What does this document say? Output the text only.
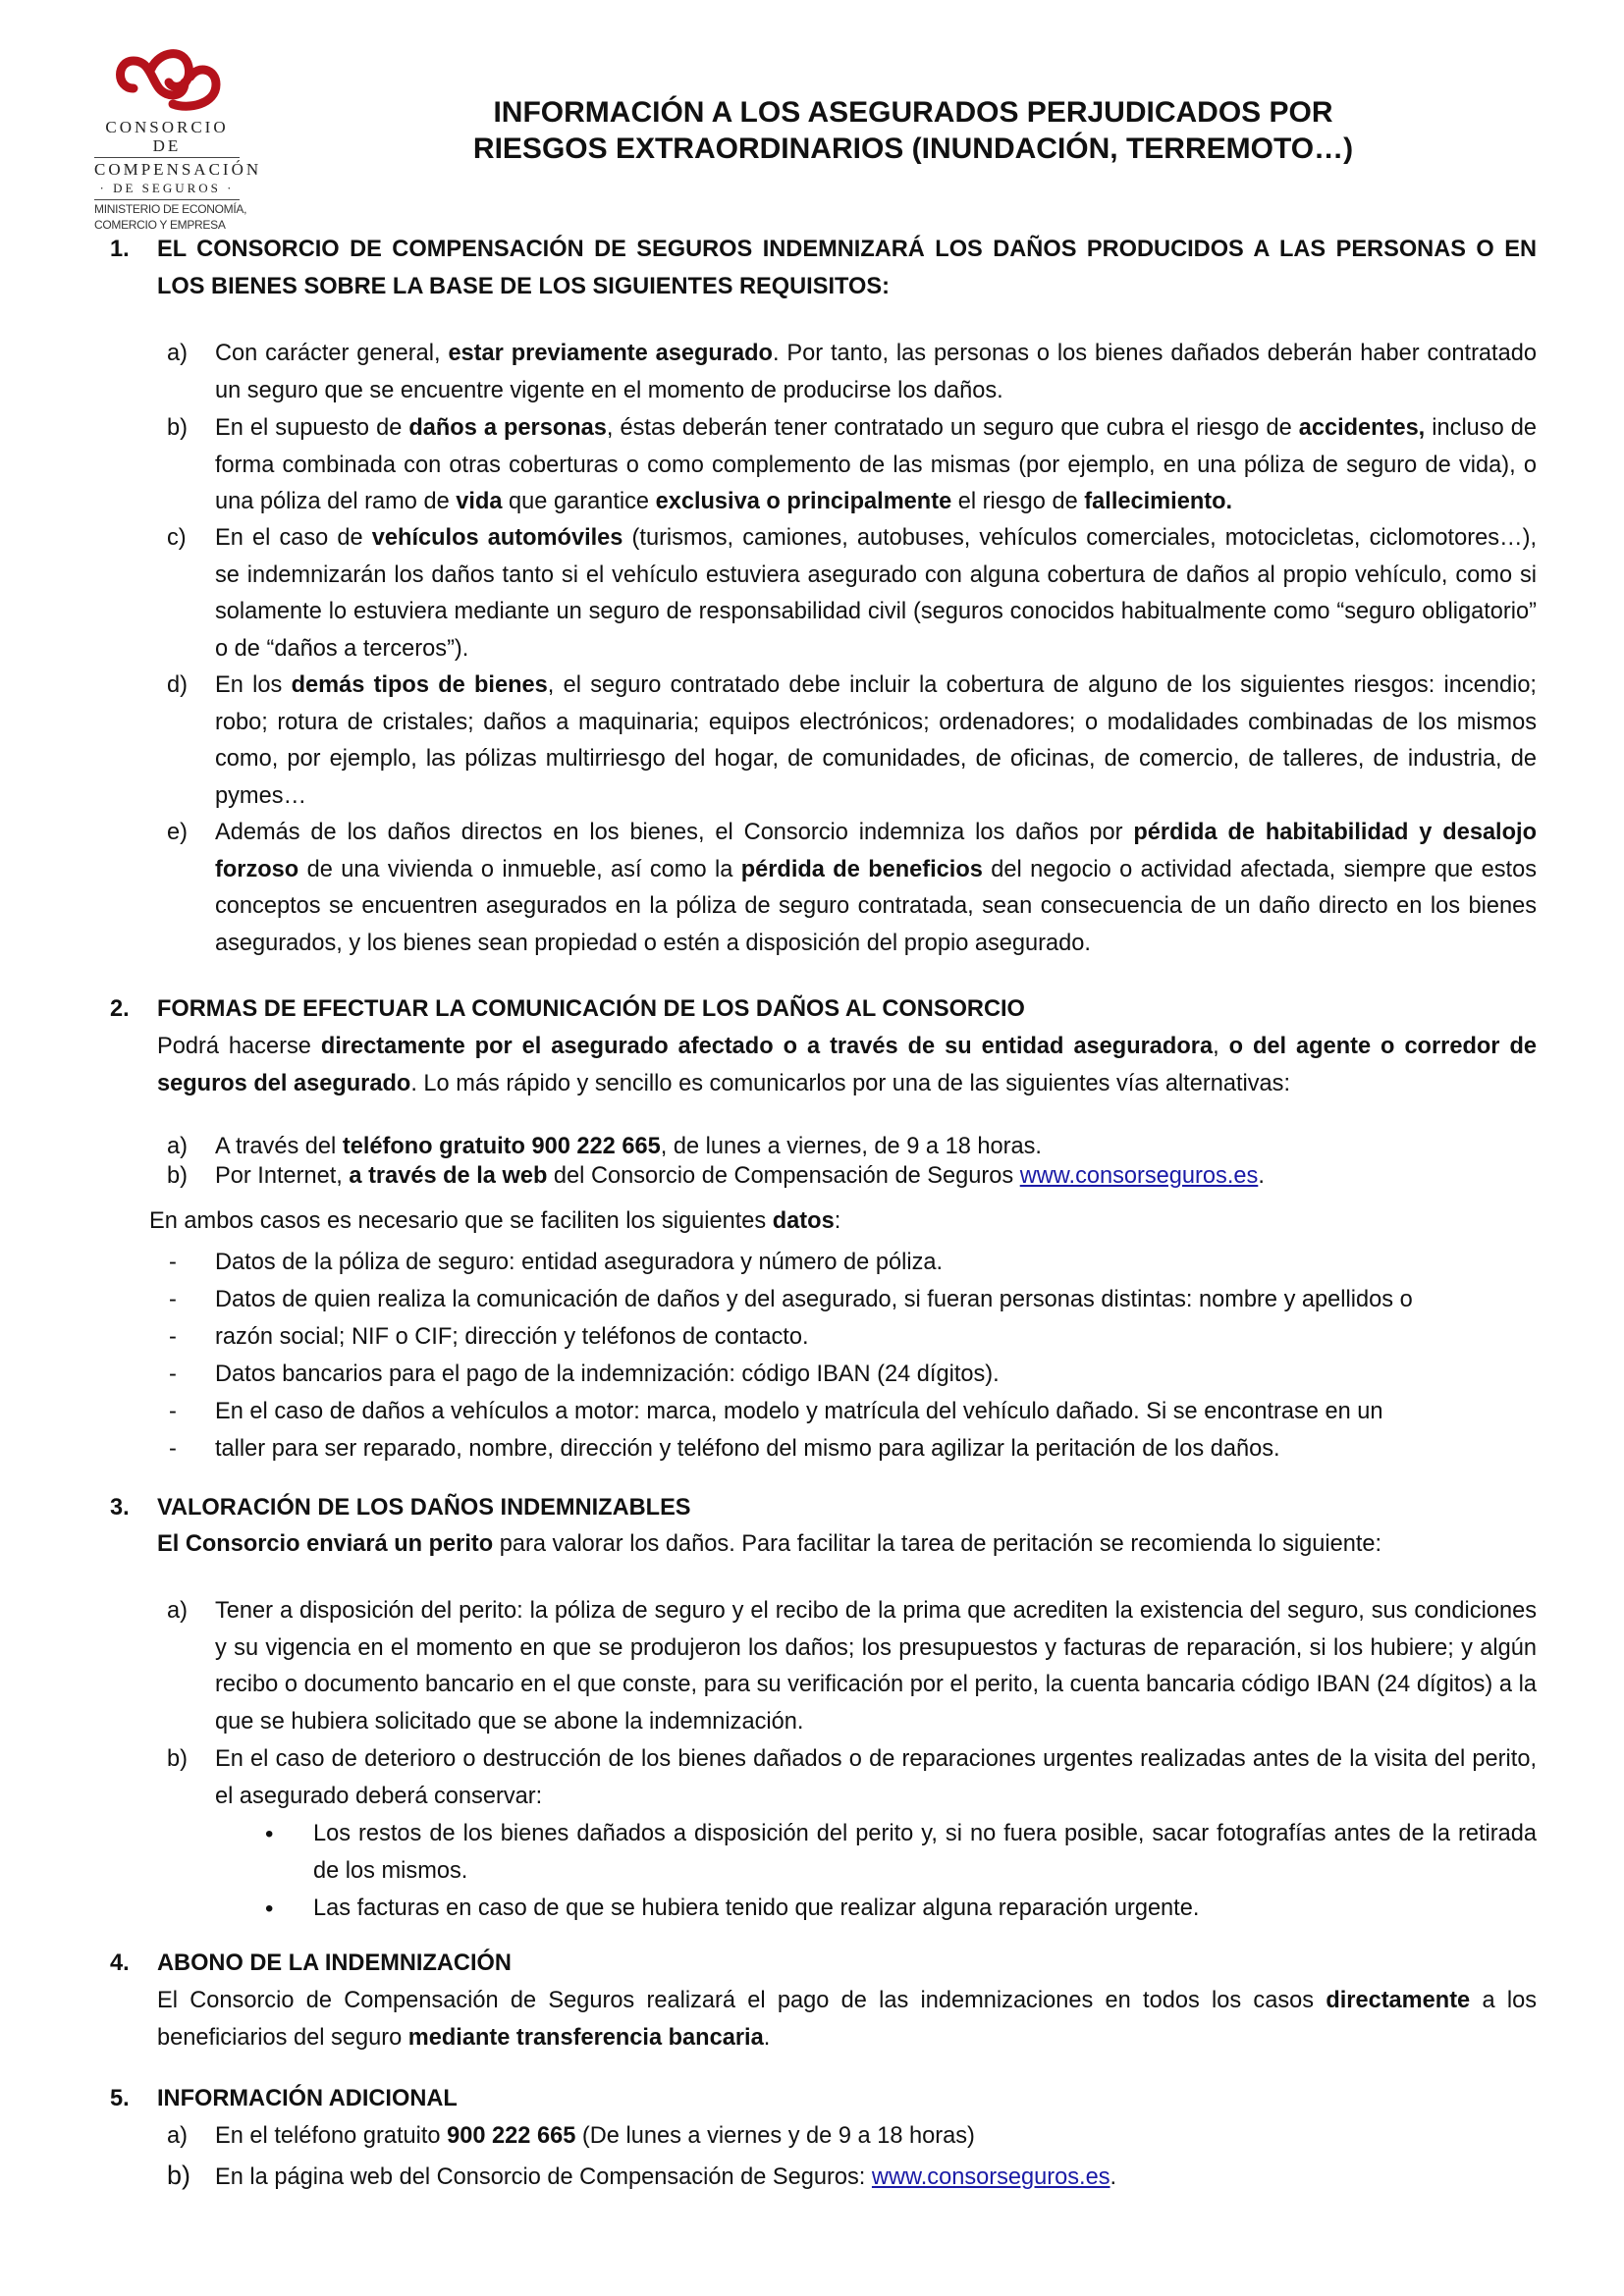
CONSORCIO DE
COMPENSACIÓN
· DE SEGUROS ·
MINISTERIO DE ECONOMÍA,
COMERCIO Y EMPRESA
INFORMACIÓN A LOS ASEGURADOS PERJUDICADOS POR
RIESGOS EXTRAORDINARIOS (INUNDACIÓN, TERREMOTO…)
1. EL CONSORCIO DE COMPENSACIÓN DE SEGUROS INDEMNIZARÁ LOS DAÑOS PRODUCIDOS A LAS PERSONAS O EN LOS BIENES SOBRE LA BASE DE LOS SIGUIENTES REQUISITOS:
a) Con carácter general, estar previamente asegurado. Por tanto, las personas o los bienes dañados deberán haber contratado un seguro que se encuentre vigente en el momento de producirse los daños.
b) En el supuesto de daños a personas, éstas deberán tener contratado un seguro que cubra el riesgo de accidentes, incluso de forma combinada con otras coberturas o como complemento de las mismas (por ejemplo, en una póliza de seguro de vida), o una póliza del ramo de vida que garantice exclusiva o principalmente el riesgo de fallecimiento.
c) En el caso de vehículos automóviles (turismos, camiones, autobuses, vehículos comerciales, motocicletas, ciclomotores…), se indemnizarán los daños tanto si el vehículo estuviera asegurado con alguna cobertura de daños al propio vehículo, como si solamente lo estuviera mediante un seguro de responsabilidad civil (seguros conocidos habitualmente como “seguro obligatorio” o de “daños a terceros”).
d) En los demás tipos de bienes, el seguro contratado debe incluir la cobertura de alguno de los siguientes riesgos: incendio; robo; rotura de cristales; daños a maquinaria; equipos electrónicos; ordenadores; o modalidades combinadas de los mismos como, por ejemplo, las pólizas multirriesgo del hogar, de comunidades, de oficinas, de comercio, de talleres, de industria, de pymes…
e) Además de los daños directos en los bienes, el Consorcio indemniza los daños por pérdida de habitabilidad y desalojo forzoso de una vivienda o inmueble, así como la pérdida de beneficios del negocio o actividad afectada, siempre que estos conceptos se encuentren asegurados en la póliza de seguro contratada, sean consecuencia de un daño directo en los bienes asegurados, y los bienes sean propiedad o estén a disposición del propio asegurado.
2. FORMAS DE EFECTUAR LA COMUNICACIÓN DE LOS DAÑOS AL CONSORCIO
Podrá hacerse directamente por el asegurado afectado o a través de su entidad aseguradora, o del agente o corredor de seguros del asegurado. Lo más rápido y sencillo es comunicarlos por una de las siguientes vías alternativas:
a) A través del teléfono gratuito 900 222 665, de lunes a viernes, de 9 a 18 horas.
b) Por Internet, a través de la web del Consorcio de Compensación de Seguros www.consorseguros.es.
En ambos casos es necesario que se faciliten los siguientes datos:
- Datos de la póliza de seguro: entidad aseguradora y número de póliza.
- Datos de quien realiza la comunicación de daños y del asegurado, si fueran personas distintas: nombre y apellidos o
- razón social; NIF o CIF; dirección y teléfonos de contacto.
- Datos bancarios para el pago de la indemnización: código IBAN (24 dígitos).
- En el caso de daños a vehículos a motor: marca, modelo y matrícula del vehículo dañado. Si se encontrase en un
- taller para ser reparado, nombre, dirección y teléfono del mismo para agilizar la peritación de los daños.
3. VALORACIÓN DE LOS DAÑOS INDEMNIZABLES
El Consorcio enviará un perito para valorar los daños. Para facilitar la tarea de peritación se recomienda lo siguiente:
a) Tener a disposición del perito: la póliza de seguro y el recibo de la prima que acrediten la existencia del seguro, sus condiciones y su vigencia en el momento en que se produjeron los daños; los presupuestos y facturas de reparación, si los hubiere; y algún recibo o documento bancario en el que conste, para su verificación por el perito, la cuenta bancaria código IBAN (24 dígitos) a la que se hubiera solicitado que se abone la indemnización.
b) En el caso de deterioro o destrucción de los bienes dañados o de reparaciones urgentes realizadas antes de la visita del perito, el asegurado deberá conservar:
• Los restos de los bienes dañados a disposición del perito y, si no fuera posible, sacar fotografías antes de la retirada de los mismos.
• Las facturas en caso de que se hubiera tenido que realizar alguna reparación urgente.
4. ABONO DE LA INDEMNIZACIÓN
El Consorcio de Compensación de Seguros realizará el pago de las indemnizaciones en todos los casos directamente a los beneficiarios del seguro mediante transferencia bancaria.
5. INFORMACIÓN ADICIONAL
a) En el teléfono gratuito 900 222 665 (De lunes a viernes y de 9 a 18 horas)
b) En la página web del Consorcio de Compensación de Seguros: www.consorseguros.es.
